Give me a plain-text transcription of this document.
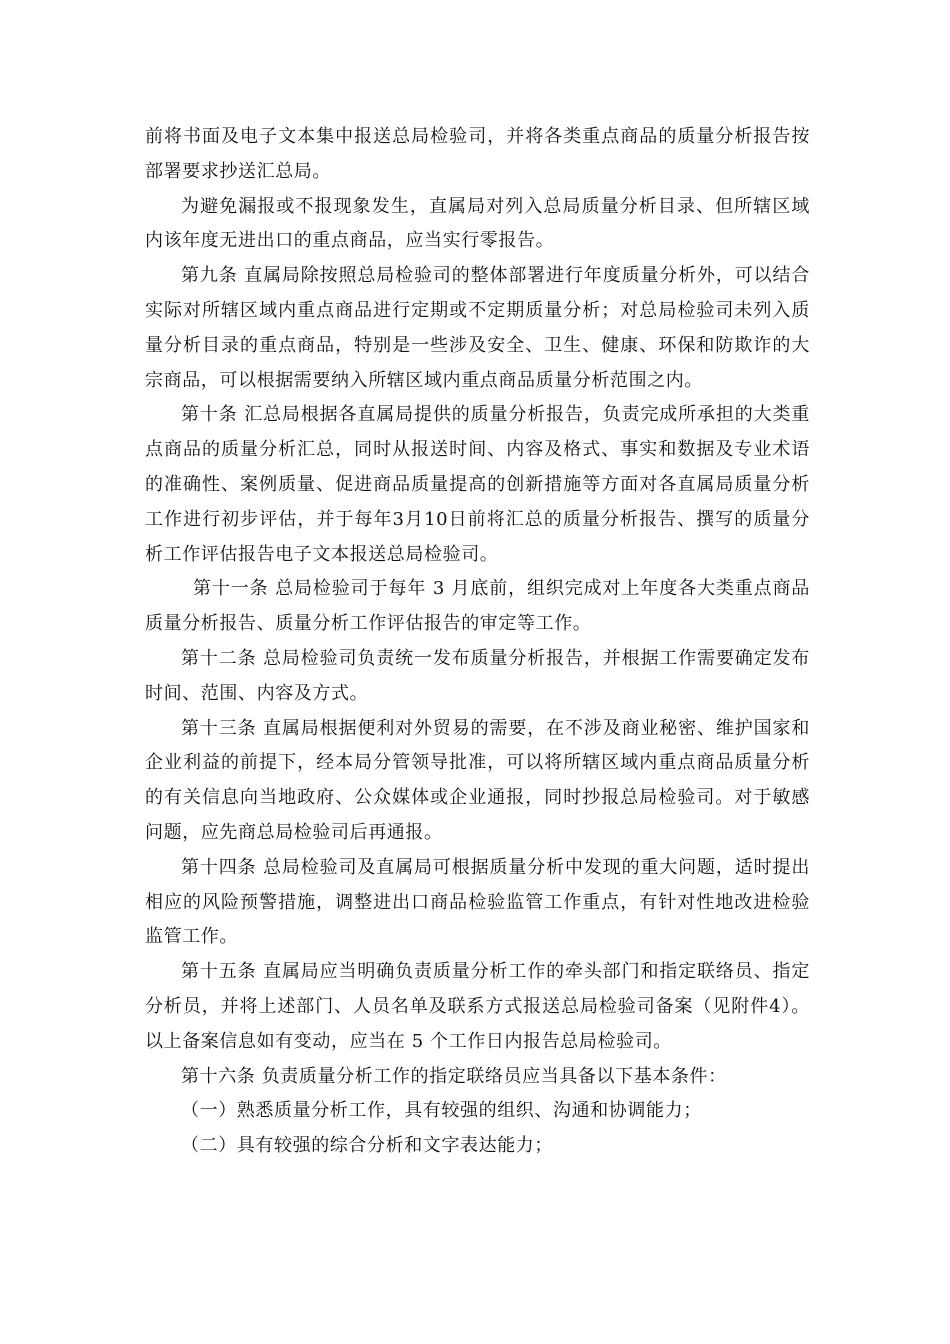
前将书面及电子文本集中报送总局检验司，并将各类重点商品的质量分析报告按部署要求抄送汇总局。

为避免漏报或不报现象发生，直属局对列入总局质量分析目录、但所辖区域内该年度无进出口的重点商品，应当实行零报告。

第九条 直属局除按照总局检验司的整体部署进行年度质量分析外，可以结合实际对所辖区域内重点商品进行定期或不定期质量分析；对总局检验司未列入质量分析目录的重点商品，特别是一些涉及安全、卫生、健康、环保和防欺诈的大宗商品，可以根据需要纳入所辖区域内重点商品质量分析范围之内。

第十条 汇总局根据各直属局提供的质量分析报告，负责完成所承担的大类重点商品的质量分析汇总，同时从报送时间、内容及格式、事实和数据及专业术语的准确性、案例质量、促进商品质量提高的创新措施等方面对各直属局质量分析工作进行初步评估，并于每年3月10日前将汇总的质量分析报告、撰写的质量分析工作评估报告电子文本报送总局检验司。

第十一条 总局检验司于每年 3 月底前，组织完成对上年度各大类重点商品质量分析报告、质量分析工作评估报告的审定等工作。

第十二条 总局检验司负责统一发布质量分析报告，并根据工作需要确定发布时间、范围、内容及方式。

第十三条 直属局根据便利对外贸易的需要，在不涉及商业秘密、维护国家和企业利益的前提下，经本局分管领导批准，可以将所辖区域内重点商品质量分析的有关信息向当地政府、公众媒体或企业通报，同时抄报总局检验司。对于敏感问题，应先商总局检验司后再通报。

第十四条 总局检验司及直属局可根据质量分析中发现的重大问题，适时提出相应的风险预警措施，调整进出口商品检验监管工作重点，有针对性地改进检验监管工作。

第十五条 直属局应当明确负责质量分析工作的牵头部门和指定联络员、指定分析员，并将上述部门、人员名单及联系方式报送总局检验司备案（见附件4）。以上备案信息如有变动，应当在 5 个工作日内报告总局检验司。

第十六条 负责质量分析工作的指定联络员应当具备以下基本条件：

（一）熟悉质量分析工作，具有较强的组织、沟通和协调能力；

（二）具有较强的综合分析和文字表达能力；
